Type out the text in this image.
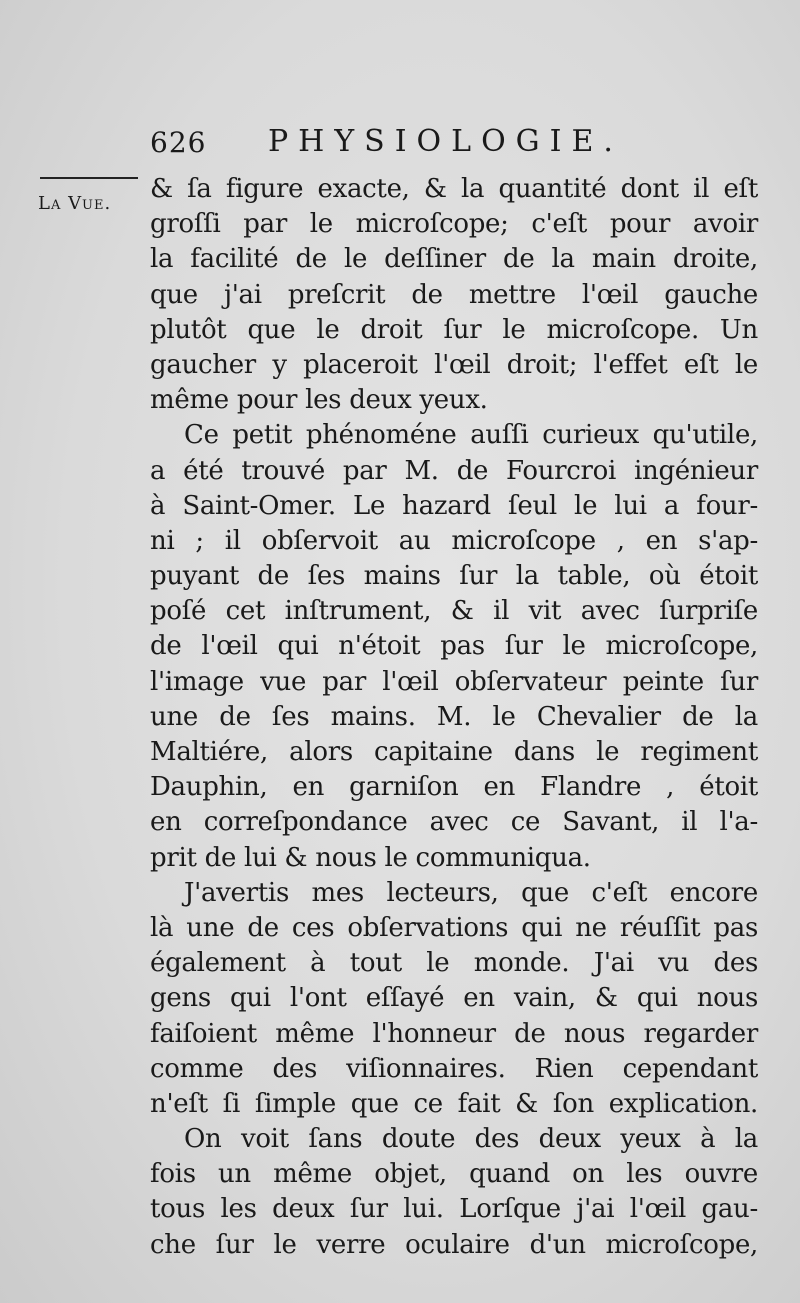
626 PHYSIOLOGIE.
La Vue. & ſa figure exacte, & la quantité dont il eſt
groſſi par le microſcope; c'eſt pour avoir
la facilité de le deſſiner de la main droite,
que j'ai preſcrit de mettre l'œil gauche
plutôt que le droit ſur le microſcope. Un
gaucher y placeroit l'œil droit; l'effet eſt le
même pour les deux yeux.
Ce petit phénoméne auſſi curieux qu'utile,
a été trouvé par M. de Fourcroi ingénieur
à Saint-Omer. Le hazard ſeul le lui a four-
ni ; il obſervoit au microſcope , en s'ap-
puyant de ſes mains ſur la table, où étoit
poſé cet inſtrument, & il vit avec ſurpriſe
de l'œil qui n'étoit pas ſur le microſcope,
l'image vue par l'œil obſervateur peinte ſur
une de ſes mains. M. le Chevalier de la
Maltiére, alors capitaine dans le regiment
Dauphin, en garniſon en Flandre , étoit
en correſpondance avec ce Savant, il l'a-
prit de lui & nous le communiqua.
J'avertis mes lecteurs, que c'eſt encore
là une de ces obſervations qui ne réuſſit pas
également à tout le monde. J'ai vu des
gens qui l'ont eſſayé en vain, & qui nous
faiſoient même l'honneur de nous regarder
comme des viſionnaires. Rien cependant
n'eſt ſi ſimple que ce fait & ſon explication.
On voit ſans doute des deux yeux à la
fois un même objet, quand on les ouvre
tous les deux ſur lui. Lorſque j'ai l'œil gau-
che ſur le verre oculaire d'un microſcope,
